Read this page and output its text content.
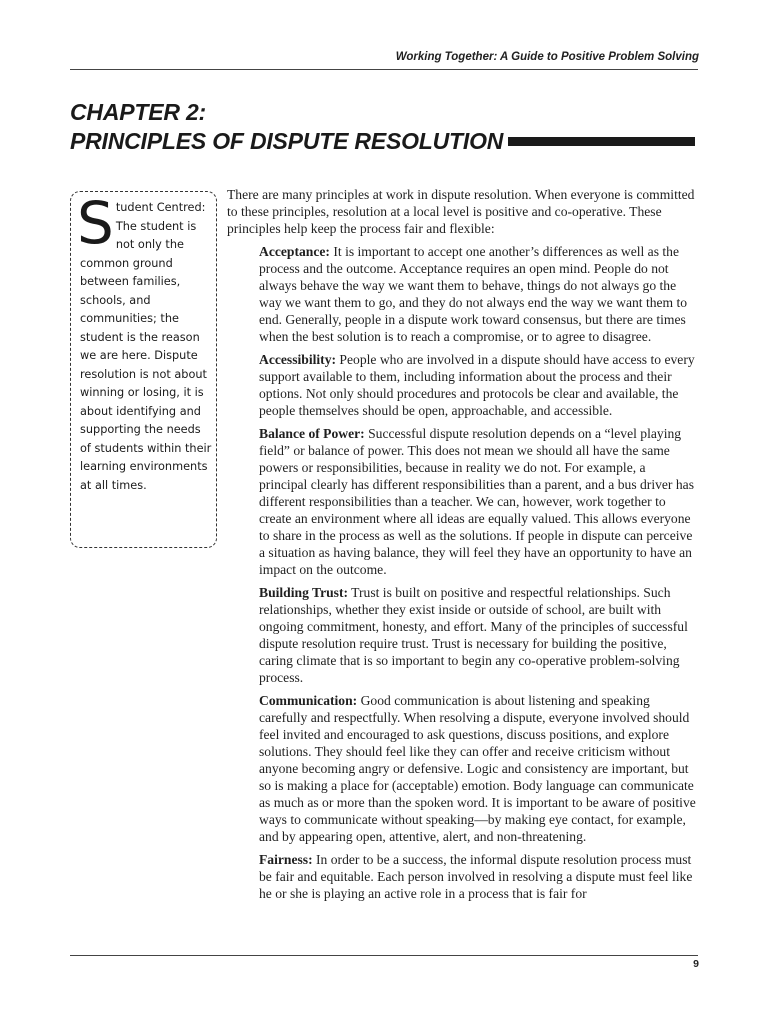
Working Together: A Guide to Positive Problem Solving
CHAPTER 2:
PRINCIPLES OF DISPUTE RESOLUTION
S tudent Centred: The student is not only the common ground between families, schools, and communities; the student is the reason we are here. Dispute resolution is not about winning or losing, it is about identifying and supporting the needs of students within their learning environments at all times.

There are many principles at work in dispute resolution. When everyone is committed to these principles, resolution at a local level is positive and co-operative. These principles help keep the process fair and flexible:

Acceptance: It is important to accept one another’s differences as well as the process and the outcome. Acceptance requires an open mind. People do not always behave the way we want them to behave, things do not always go the way we want them to go, and they do not always end the way we want them to end. Generally, people in a dispute work toward consensus, but there are times when the best solution is to reach a compromise, or to agree to disagree.

Accessibility: People who are involved in a dispute should have access to every support available to them, including information about the process and their options. Not only should procedures and protocols be clear and available, the people themselves should be open, approachable, and accessible.

Balance of Power: Successful dispute resolution depends on a “level playing field” or balance of power. This does not mean we should all have the same powers or responsibilities, because in reality we do not. For example, a principal clearly has different responsibilities than a parent, and a bus driver has different responsibilities than a teacher. We can, however, work together to create an environment where all ideas are equally valued. This allows everyone to share in the process as well as the solutions. If people in dispute can perceive a situation as having balance, they will feel they have an opportunity to have an impact on the outcome.

Building Trust: Trust is built on positive and respectful relationships. Such relationships, whether they exist inside or outside of school, are built with ongoing commitment, honesty, and effort. Many of the principles of successful dispute resolution require trust. Trust is necessary for building the positive, caring climate that is so important to begin any co-operative problem-solving process.

Communication: Good communication is about listening and speaking carefully and respectfully. When resolving a dispute, everyone involved should feel invited and encouraged to ask questions, discuss positions, and explore solutions. They should feel like they can offer and receive criticism without anyone becoming angry or defensive. Logic and consistency are important, but so is making a place for (acceptable) emotion. Body language can communicate as much as or more than the spoken word. It is important to be aware of positive ways to communicate without speaking—by making eye contact, for example, and by appearing open, attentive, alert, and non-threatening.

Fairness: In order to be a success, the informal dispute resolution process must be fair and equitable. Each person involved in resolving a dispute must feel like he or she is playing an active role in a process that is fair for

9
